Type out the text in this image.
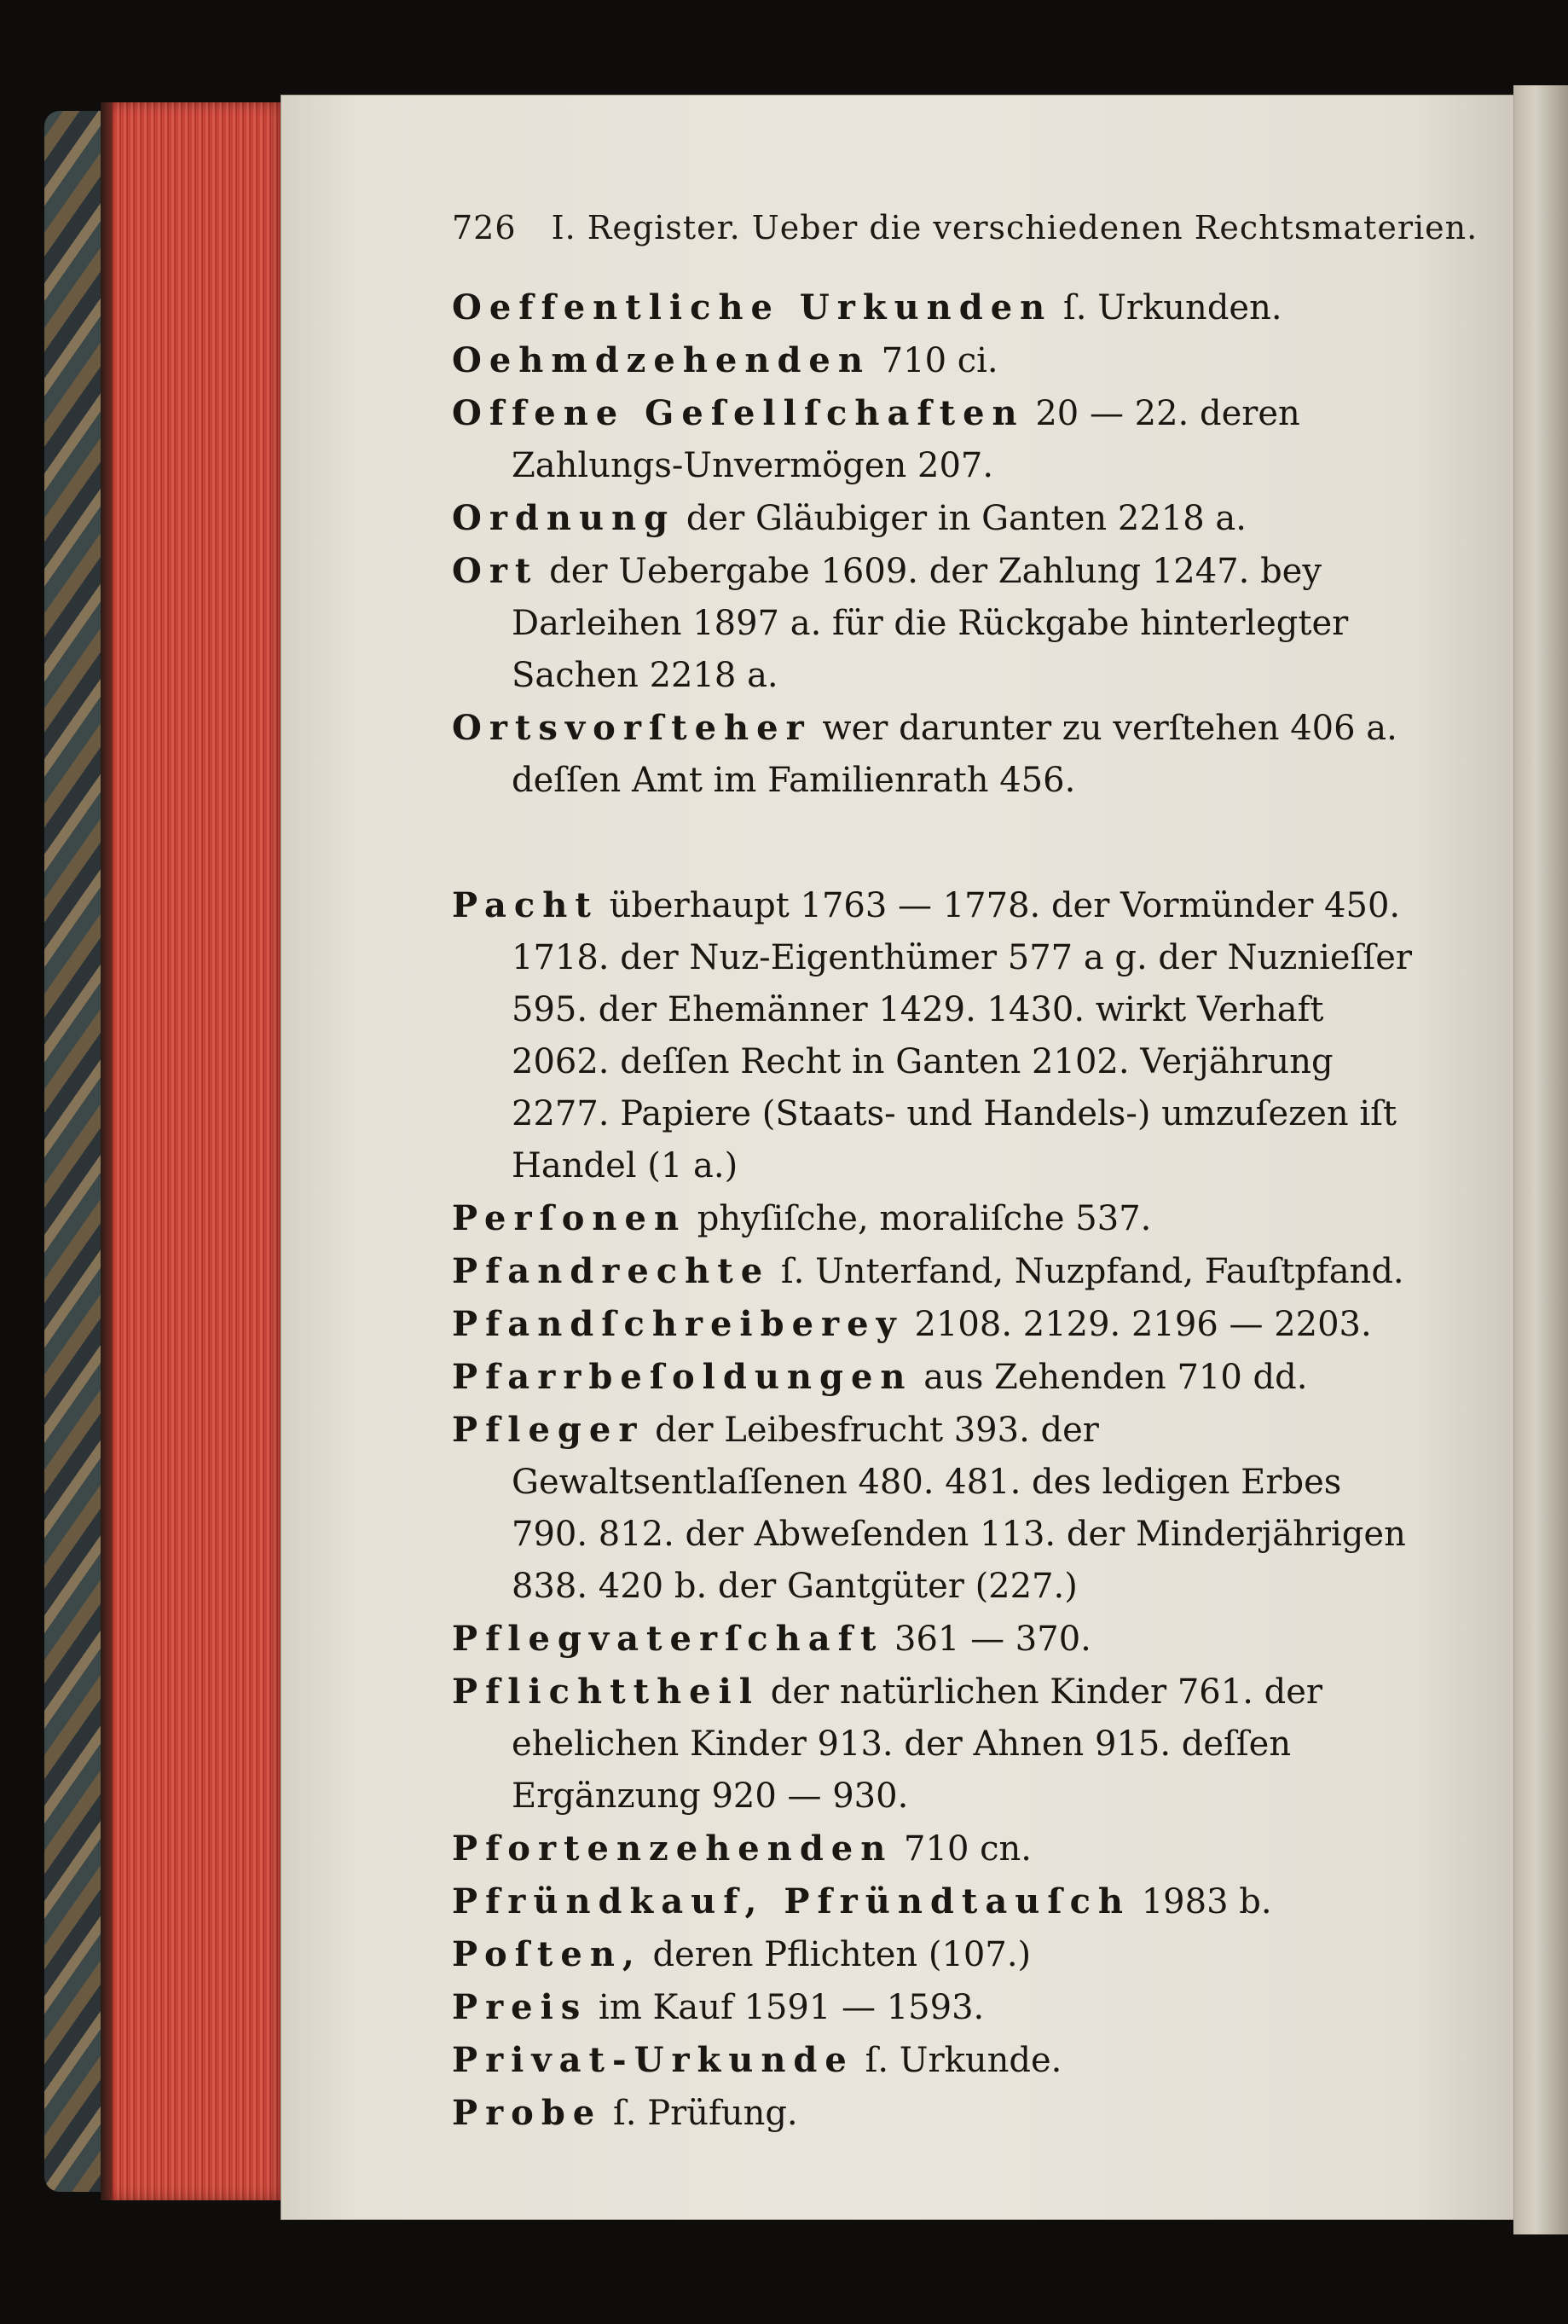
726 I. Register. Ueber die verschiedenen Rechtsmaterien.

Oeffentliche Urkunden ſ. Urkunden.

Oehmdzehenden 710 ci.

Offene Geſellſchaften 20 — 22. deren Zahlungs-Unvermögen 207.

Ordnung der Gläubiger in Ganten 2218 a.

Ort der Uebergabe 1609. der Zahlung 1247. bey Darleihen 1897 a. für die Rückgabe hinterlegter Sachen 2218 a.

Ortsvorſteher wer darunter zu verſtehen 406 a. deſſen Amt im Familienrath 456.

Pacht überhaupt 1763 — 1778. der Vormünder 450. 1718. der Nuz-Eigenthümer 577 a g. der Nuznieſſer 595. der Ehemänner 1429. 1430. wirkt Verhaft 2062. deſſen Recht in Ganten 2102. Verjährung 2277. Papiere (Staats- und Handels-) umzuſezen iſt Handel (1 a.)

Perſonen phyſiſche, moraliſche 537.

Pfandrechte ſ. Unterfand, Nuzpfand, Fauſtpfand.

Pfandſchreiberey 2108. 2129. 2196 — 2203.

Pfarrbeſoldungen aus Zehenden 710 dd.

Pfleger der Leibesfrucht 393. der Gewaltsentlaſſenen 480. 481. des ledigen Erbes 790. 812. der Abweſenden 113. der Minderjährigen 838. 420 b. der Gantgüter (227.)

Pflegvaterſchaft 361 — 370.

Pflichttheil der natürlichen Kinder 761. der ehelichen Kinder 913. der Ahnen 915. deſſen Ergänzung 920 — 930.

Pfortenzehenden 710 cn.

Pfründkauf, Pfründtauſch 1983 b.

Poſten, deren Pflichten (107.)

Preis im Kauf 1591 — 1593.

Privat-Urkunde ſ. Urkunde.

Probe ſ. Prüfung.
